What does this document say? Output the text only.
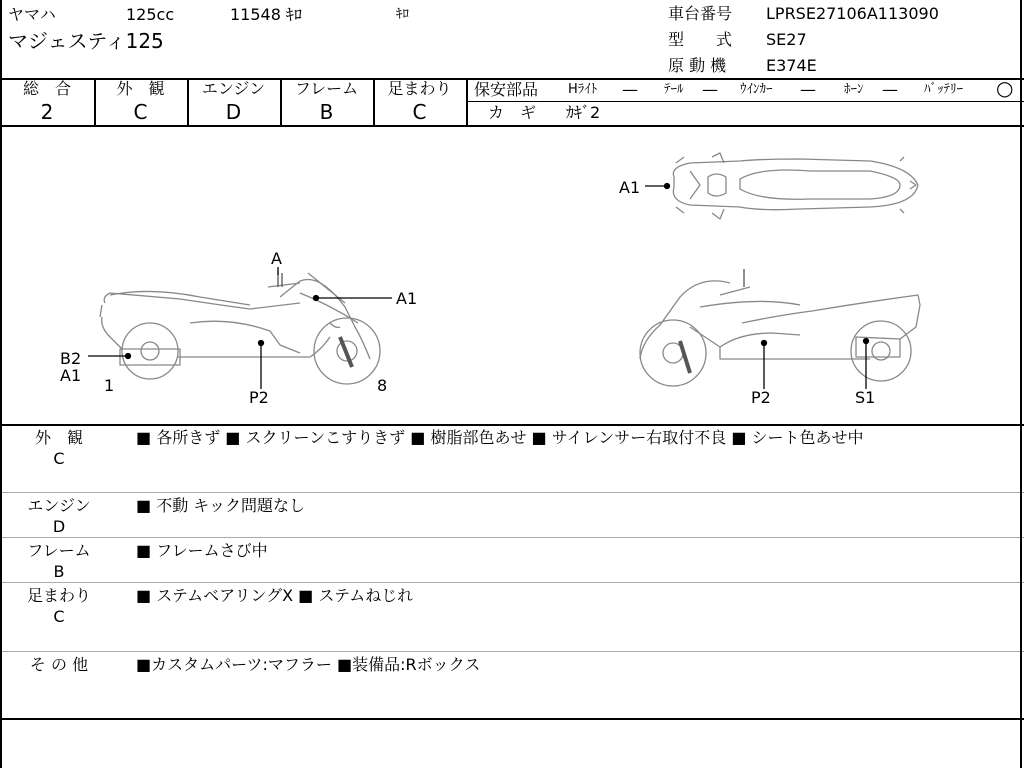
ヤマハ	125cc	11548 ｷﾛ	ｷﾛ
マジェスティ125
車台番号 LPRSE27106A113090
型　　式 SE27
原 動 機 E374E
総　合	外　観	エンジン	フレーム	足まわり
2	C	D	B	C
保安部品 Hﾗｲﾄ — ﾃｰﾙ — ｳｲﾝｶｰ — ﾎｰﾝ — ﾊﾞｯﾃﾘｰ ○
カ　ギ ｶｷﾞ2
A
A1
B2
A1
1
P2
8
A1
P2	S1
外　観
C
■ 各所きず ■ スクリーンこすりきず ■ 樹脂部色あせ ■ サイレンサー右取付不良 ■ シート色あせ中
エンジン
D
■ 不動 キック問題なし
フレーム
B
■ フレームさび中
足まわり
C
■ ステムベアリングX ■ ステムねじれ
そ の 他	■カスタムパーツ:マフラー ■装備品:Rボックス
